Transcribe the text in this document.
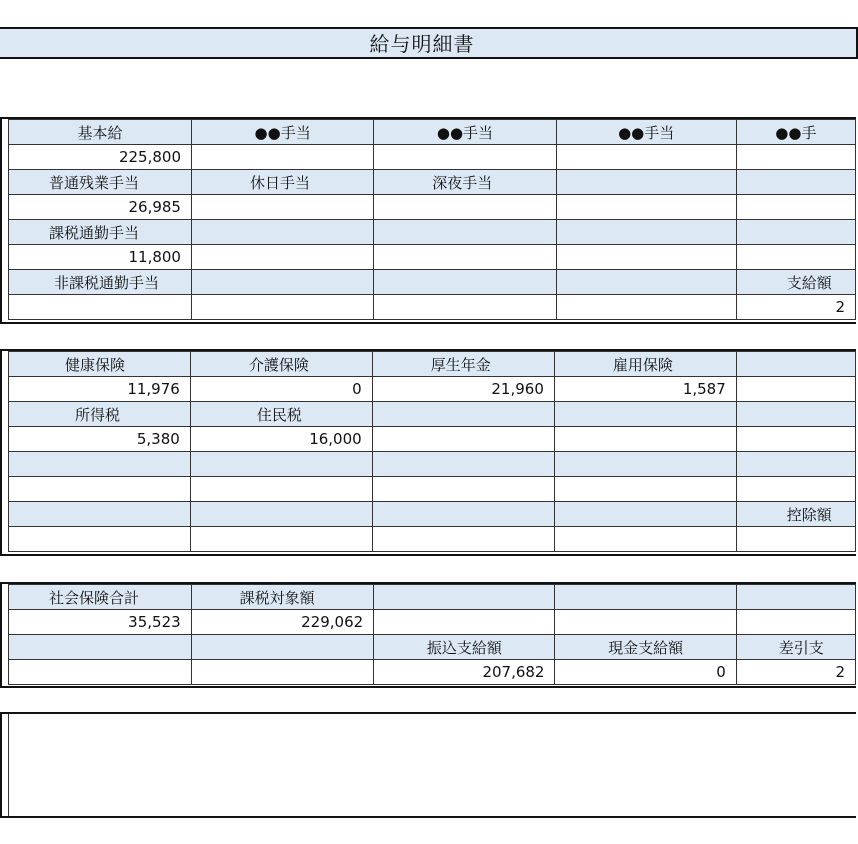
給与明細書
基本給	●●手当	●●手当	●●手当	●●手
225,800				
普通残業手当	休日手当	深夜手当		
26,985				
課税通勤手当				
11,800				
非課税通勤手当				支給額
				2
健康保険	介護保険	厚生年金	雇用保険	
11,976	0	21,960	1,587	
所得税	住民税			
5,380	16,000			

				控除額

社会保険合計	課税対象額			
35,523	229,062			
		振込支給額	現金支給額	差引支
		207,682	0	2
